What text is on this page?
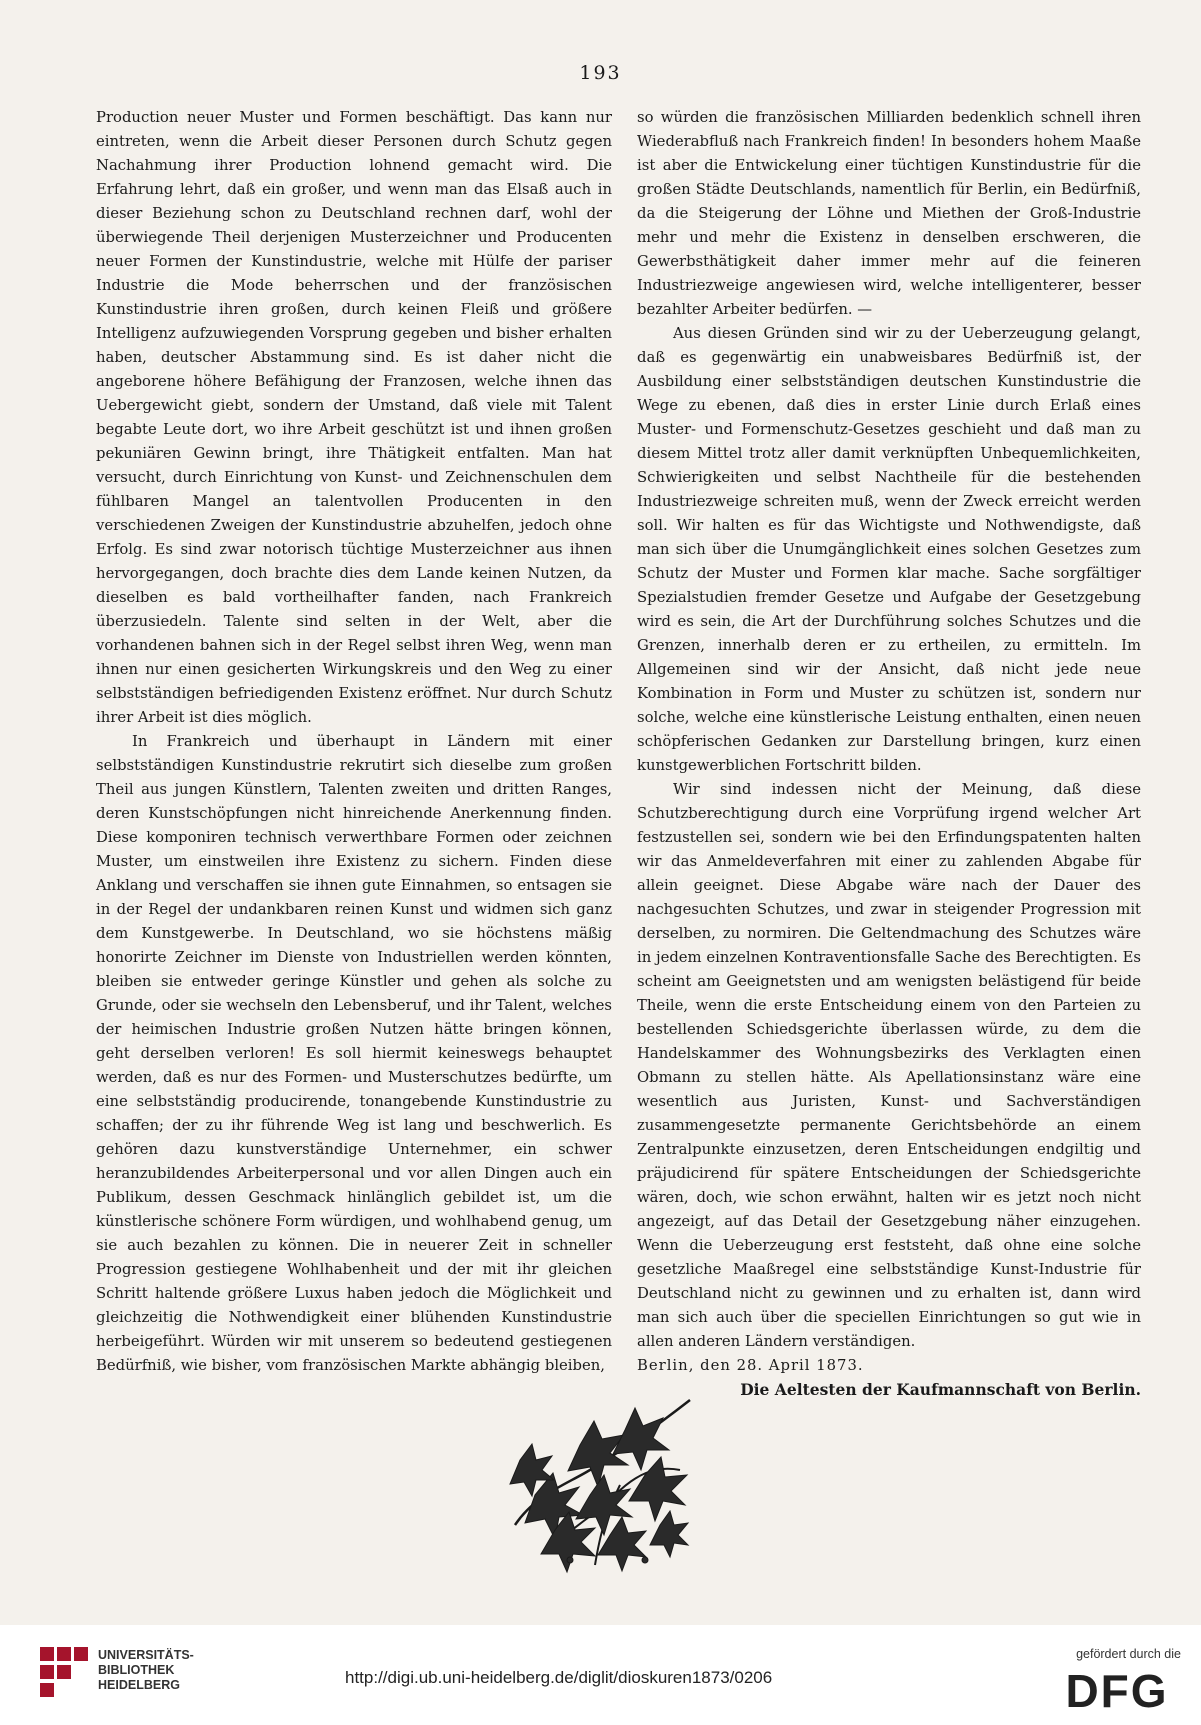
193

Production neuer Muster und Formen beschäftigt. Das kann nur eintreten, wenn die Arbeit dieser Personen durch Schutz gegen Nachahmung ihrer Production lohnend gemacht wird. Die Erfahrung lehrt, daß ein großer, und wenn man das Elsaß auch in dieser Beziehung schon zu Deutschland rechnen darf, wohl der überwiegende Theil derjenigen Musterzeichner und Producenten neuer Formen der Kunstindustrie, welche mit Hülfe der pariser Industrie die Mode beherrschen und der französischen Kunstindustrie ihren großen, durch keinen Fleiß und größere Intelligenz aufzuwiegenden Vorsprung gegeben und bisher erhalten haben, deutscher Abstammung sind. Es ist daher nicht die angeborene höhere Befähigung der Franzosen, welche ihnen das Uebergewicht giebt, sondern der Umstand, daß viele mit Talent begabte Leute dort, wo ihre Arbeit geschützt ist und ihnen großen pekuniären Gewinn bringt, ihre Thätigkeit entfalten. Man hat versucht, durch Einrichtung von Kunst- und Zeichnenschulen dem fühlbaren Mangel an talentvollen Producenten in den verschiedenen Zweigen der Kunstindustrie abzuhelfen, jedoch ohne Erfolg. Es sind zwar notorisch tüchtige Musterzeichner aus ihnen hervorgegangen, doch brachte dies dem Lande keinen Nutzen, da dieselben es bald vortheilhafter fanden, nach Frankreich überzusiedeln. Talente sind selten in der Welt, aber die vorhandenen bahnen sich in der Regel selbst ihren Weg, wenn man ihnen nur einen gesicherten Wirkungskreis und den Weg zu einer selbstständigen befriedigenden Existenz eröffnet. Nur durch Schutz ihrer Arbeit ist dies möglich.

In Frankreich und überhaupt in Ländern mit einer selbstständigen Kunstindustrie rekrutirt sich dieselbe zum großen Theil aus jungen Künstlern, Talenten zweiten und dritten Ranges, deren Kunstschöpfungen nicht hinreichende Anerkennung finden. Diese komponiren technisch verwerthbare Formen oder zeichnen Muster, um einstweilen ihre Existenz zu sichern. Finden diese Anklang und verschaffen sie ihnen gute Einnahmen, so entsagen sie in der Regel der undankbaren reinen Kunst und widmen sich ganz dem Kunstgewerbe. In Deutschland, wo sie höchstens mäßig honorirte Zeichner im Dienste von Industriellen werden könnten, bleiben sie entweder geringe Künstler und gehen als solche zu Grunde, oder sie wechseln den Lebensberuf, und ihr Talent, welches der heimischen Industrie großen Nutzen hätte bringen können, geht derselben verloren! Es soll hiermit keineswegs behauptet werden, daß es nur des Formen- und Musterschutzes bedürfte, um eine selbstständig producirende, tonangebende Kunstindustrie zu schaffen; der zu ihr führende Weg ist lang und beschwerlich. Es gehören dazu kunstverständige Unternehmer, ein schwer heranzubildendes Arbeiterpersonal und vor allen Dingen auch ein Publikum, dessen Geschmack hinlänglich gebildet ist, um die künstlerische schönere Form würdigen, und wohlhabend genug, um sie auch bezahlen zu können. Die in neuerer Zeit in schneller Progression gestiegene Wohlhabenheit und der mit ihr gleichen Schritt haltende größere Luxus haben jedoch die Möglichkeit und gleichzeitig die Nothwendigkeit einer blühenden Kunstindustrie herbeigeführt. Würden wir mit unserem so bedeutend gestiegenen Bedürfniß, wie bisher, vom französischen Markte abhängig bleiben,

so würden die französischen Milliarden bedenklich schnell ihren Wiederabfluß nach Frankreich finden! In besonders hohem Maaße ist aber die Entwickelung einer tüchtigen Kunstindustrie für die großen Städte Deutschlands, namentlich für Berlin, ein Bedürfniß, da die Steigerung der Löhne und Miethen der Groß-Industrie mehr und mehr die Existenz in denselben erschweren, die Gewerbsthätigkeit daher immer mehr auf die feineren Industriezweige angewiesen wird, welche intelligenterer, besser bezahlter Arbeiter bedürfen. —

Aus diesen Gründen sind wir zu der Ueberzeugung gelangt, daß es gegenwärtig ein unabweisbares Bedürfniß ist, der Ausbildung einer selbstständigen deutschen Kunstindustrie die Wege zu ebenen, daß dies in erster Linie durch Erlaß eines Muster- und Formenschutz-Gesetzes geschieht und daß man zu diesem Mittel trotz aller damit verknüpften Unbequemlichkeiten, Schwierigkeiten und selbst Nachtheile für die bestehenden Industriezweige schreiten muß, wenn der Zweck erreicht werden soll. Wir halten es für das Wichtigste und Nothwendigste, daß man sich über die Unumgänglichkeit eines solchen Gesetzes zum Schutz der Muster und Formen klar mache. Sache sorgfältiger Spezialstudien fremder Gesetze und Aufgabe der Gesetzgebung wird es sein, die Art der Durchführung solches Schutzes und die Grenzen, innerhalb deren er zu ertheilen, zu ermitteln. Im Allgemeinen sind wir der Ansicht, daß nicht jede neue Kombination in Form und Muster zu schützen ist, sondern nur solche, welche eine künstlerische Leistung enthalten, einen neuen schöpferischen Gedanken zur Darstellung bringen, kurz einen kunstgewerblichen Fortschritt bilden.

Wir sind indessen nicht der Meinung, daß diese Schutzberechtigung durch eine Vorprüfung irgend welcher Art festzustellen sei, sondern wie bei den Erfindungspatenten halten wir das Anmeldeverfahren mit einer zu zahlenden Abgabe für allein geeignet. Diese Abgabe wäre nach der Dauer des nachgesuchten Schutzes, und zwar in steigender Progression mit derselben, zu normiren. Die Geltendmachung des Schutzes wäre in jedem einzelnen Kontraventionsfalle Sache des Berechtigten. Es scheint am Geeignetsten und am wenigsten belästigend für beide Theile, wenn die erste Entscheidung einem von den Parteien zu bestellenden Schiedsgerichte überlassen würde, zu dem die Handelskammer des Wohnungsbezirks des Verklagten einen Obmann zu stellen hätte. Als Apellationsinstanz wäre eine wesentlich aus Juristen, Kunst- und Sachverständigen zusammengesetzte permanente Gerichtsbehörde an einem Zentralpunkte einzusetzen, deren Entscheidungen endgiltig und präjudicirend für spätere Entscheidungen der Schiedsgerichte wären, doch, wie schon erwähnt, halten wir es jetzt noch nicht angezeigt, auf das Detail der Gesetzgebung näher einzugehen. Wenn die Ueberzeugung erst feststeht, daß ohne eine solche gesetzliche Maaßregel eine selbstständige Kunst-Industrie für Deutschland nicht zu gewinnen und zu erhalten ist, dann wird man sich auch über die speciellen Einrichtungen so gut wie in allen anderen Ländern verständigen.

Berlin, den 28. April 1873.

Die Aeltesten der Kaufmannschaft von Berlin.

UNIVERSITÄTS-
BIBLIOTHEK
HEIDELBERG	http://digi.ub.uni-heidelberg.de/diglit/dioskuren1873/0206
gefördert durch die
DFG
